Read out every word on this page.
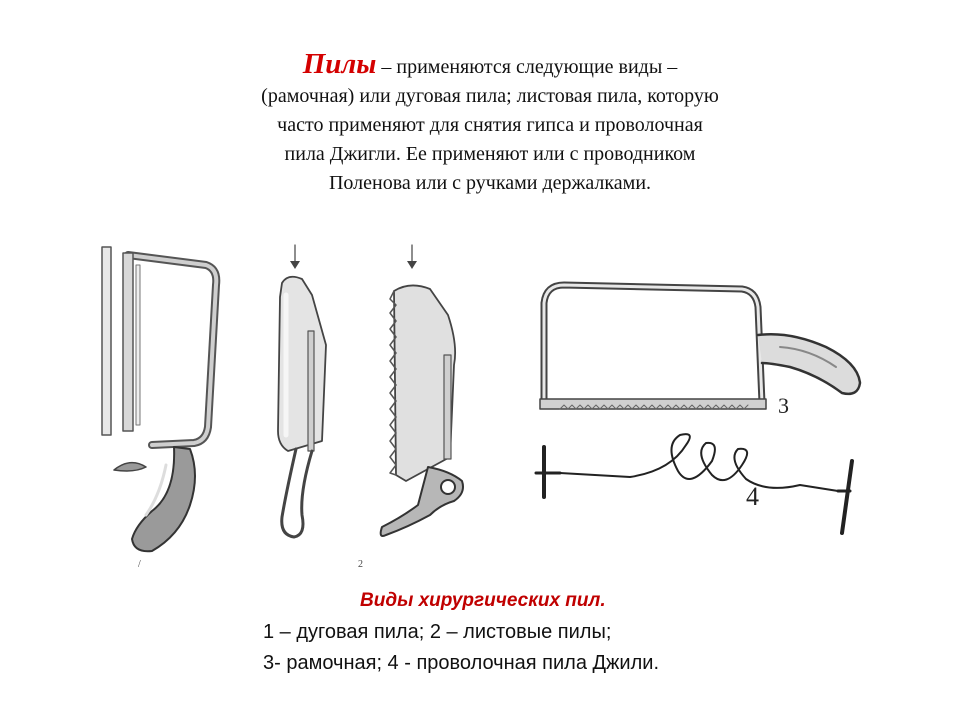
Пилы – применяются следующие виды –
(рамочная) или дуговая пила; листовая пила, которую
часто применяют для снятия гипса и проволочная
пила Джигли. Ее применяют или с проводником
Поленова или с ручками держалками.
3
4
/	2
Виды хирургических пил.
1 – дуговая пила; 2 – листовые пилы;
3- рамочная; 4 - проволочная пила Джили.
